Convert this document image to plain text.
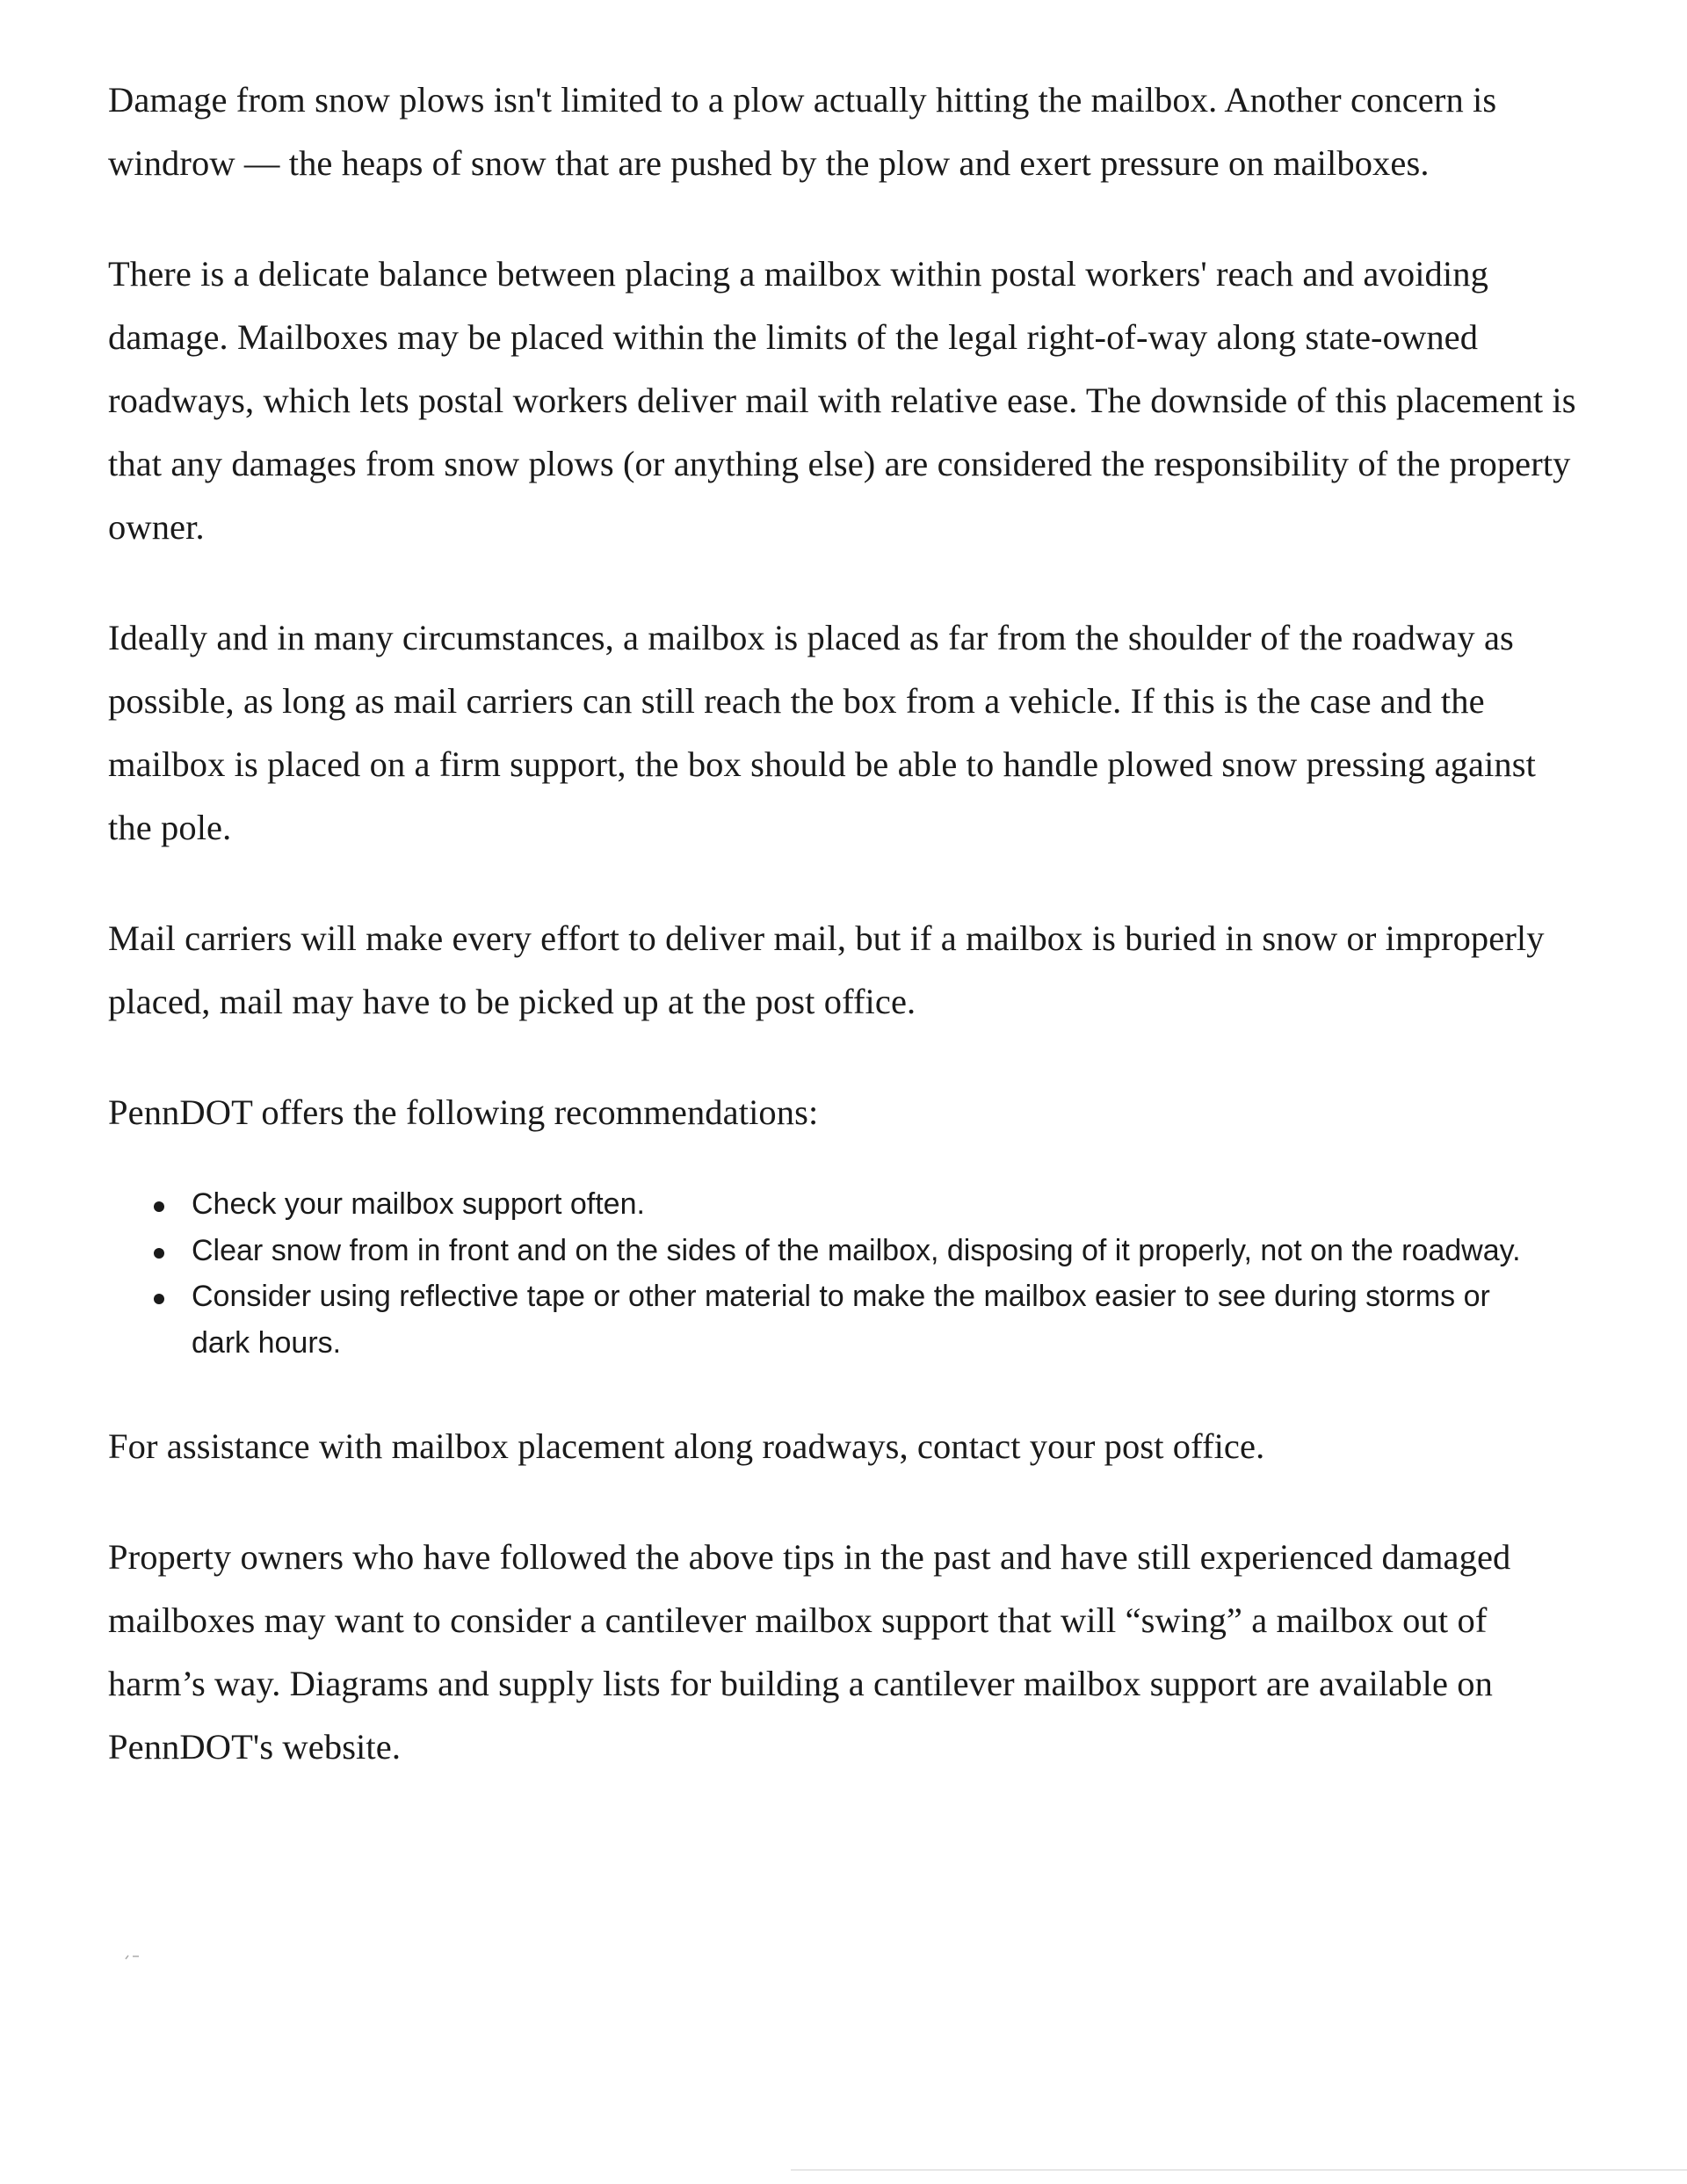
Damage from snow plows isn't limited to a plow actually hitting the mailbox. Another concern is windrow — the heaps of snow that are pushed by the plow and exert pressure on mailboxes.

There is a delicate balance between placing a mailbox within postal workers' reach and avoiding damage. Mailboxes may be placed within the limits of the legal right-of-way along state-owned roadways, which lets postal workers deliver mail with relative ease. The downside of this placement is that any damages from snow plows (or anything else) are considered the responsibility of the property owner.

Ideally and in many circumstances, a mailbox is placed as far from the shoulder of the roadway as possible, as long as mail carriers can still reach the box from a vehicle. If this is the case and the mailbox is placed on a firm support, the box should be able to handle plowed snow pressing against the pole.

Mail carriers will make every effort to deliver mail, but if a mailbox is buried in snow or improperly placed, mail may have to be picked up at the post office.

PennDOT offers the following recommendations:

Check your mailbox support often.
Clear snow from in front and on the sides of the mailbox, disposing of it properly, not on the roadway.
Consider using reflective tape or other material to make the mailbox easier to see during storms or dark hours.

For assistance with mailbox placement along roadways, contact your post office.

Property owners who have followed the above tips in the past and have still experienced damaged mailboxes may want to consider a cantilever mailbox support that will “swing” a mailbox out of harm’s way. Diagrams and supply lists for building a cantilever mailbox support are available on PennDOT's website.
